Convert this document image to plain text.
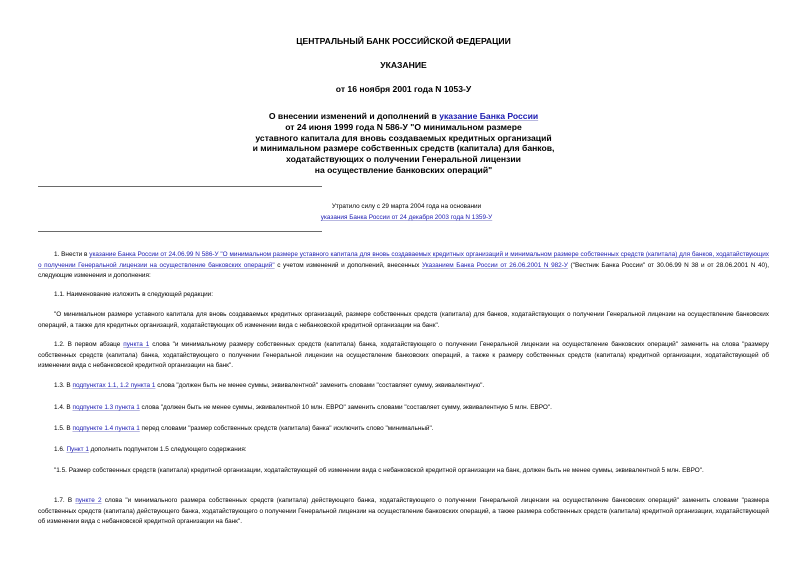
ЦЕНТРАЛЬНЫЙ БАНК РОССИЙСКОЙ ФЕДЕРАЦИИ
УКАЗАНИЕ
от 16 ноября 2001 года N 1053-У
О внесении изменений и дополнений в указание Банка России
от 24 июня 1999 года N 586-У "О минимальном размере
уставного капитала для вновь создаваемых кредитных организаций
и минимальном размере собственных средств (капитала) для банков,
ходатайствующих о получении Генеральной лицензии
на осуществление банковских операций"
Утратило силу с 29 марта 2004 года на основании
указания Банка России от 24 декабря 2003 года N 1359-У
1. Внести в указание Банка России от 24.06.99 N 586-У "О минимальном размере уставного капитала для вновь создаваемых кредитных организаций и минимальном размере собственных средств (капитала) для банков, ходатайствующих о получении Генеральной лицензии на осуществление банковских операций" с учетом изменений и дополнений, внесенных Указанием Банка России от 26.06.2001 N 982-У ("Вестник Банка России" от 30.06.99 N 38 и от 28.06.2001 N 40), следующие изменения и дополнения:
1.1. Наименование изложить в следующей редакции:
"О минимальном размере уставного капитала для вновь создаваемых кредитных организаций, размере собственных средств (капитала) для банков, ходатайствующих о получении Генеральной лицензии на осуществление банковских операций, а также для кредитных организаций, ходатайствующих об изменении вида с небанковской кредитной организации на банк".
1.2. В первом абзаце пункта 1 слова "и минимальному размеру собственных средств (капитала) банка, ходатайствующего о получении Генеральной лицензии на осуществление банковских операций" заменить на слова "размеру собственных средств (капитала) банка, ходатайствующего о получении Генеральной лицензии на осуществление банковских операций, а также к размеру собственных средств (капитала) кредитной организации, ходатайствующей об изменении вида с небанковской кредитной организации на банк".
1.3. В подпунктах 1.1, 1.2 пункта 1 слова "должен быть не менее суммы, эквивалентной" заменить словами "составляет сумму, эквивалентную".
1.4. В подпункте 1.3 пункта 1 слова "должен быть не менее суммы, эквивалентной 10 млн. ЕВРО" заменить словами "составляет сумму, эквивалентную 5 млн. ЕВРО".
1.5. В подпункте 1.4 пункта 1 перед словами "размер собственных средств (капитала) банка" исключить слово "минимальный".
1.6. Пункт 1 дополнить подпунктом 1.5 следующего содержания:
"1.5. Размер собственных средств (капитала) кредитной организации, ходатайствующей об изменении вида с небанковской кредитной организации на банк, должен быть не менее суммы, эквивалентной 5 млн. ЕВРО".
1.7. В пункте 2 слова "и минимального размера собственных средств (капитала) действующего банка, ходатайствующего о получении Генеральной лицензии на осуществление банковских операций" заменить словами "размера собственных средств (капитала) действующего банка, ходатайствующего о получении Генеральной лицензии на осуществление банковских операций, а также размера собственных средств (капитала) кредитной организации, ходатайствующей об изменении вида с небанковской кредитной организации на банк".
